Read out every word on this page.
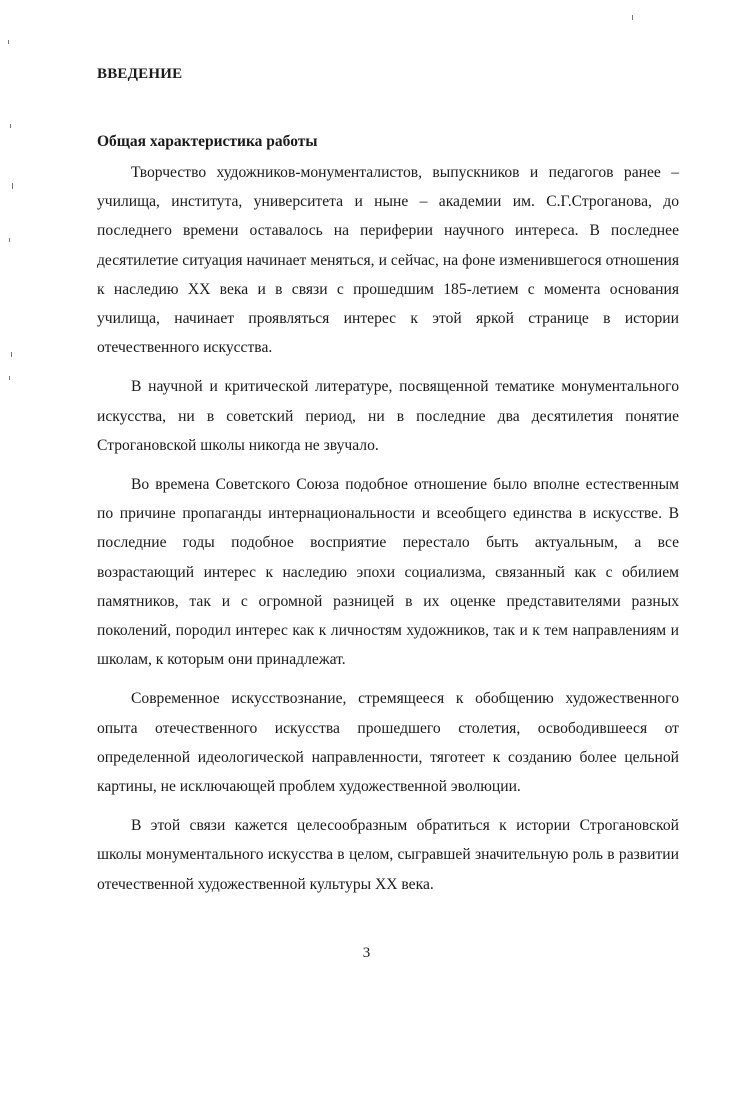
ВВЕДЕНИЕ
Общая характеристика работы

Творчество художников-монументалистов, выпускников и педагогов ранее – училища, института, университета и ныне – академии им. С.Г.Строганова, до последнего времени оставалось на периферии научного интереса. В последнее десятилетие ситуация начинает меняться, и сейчас, на фоне изменившегося отношения к наследию XX века и в связи с прошедшим 185-летием с момента основания училища, начинает проявляться интерес к этой яркой странице в истории отечественного искусства.

В научной и критической литературе, посвященной тематике монументального искусства, ни в советский период, ни в последние два десятилетия понятие Строгановской школы никогда не звучало.

Во времена Советского Союза подобное отношение было вполне естественным по причине пропаганды интернациональности и всеобщего единства в искусстве. В последние годы подобное восприятие перестало быть актуальным, а все возрастающий интерес к наследию эпохи социализма, связанный как с обилием памятников, так и с огромной разницей в их оценке представителями разных поколений, породил интерес как к личностям художников, так и к тем направлениям и школам, к которым они принадлежат.

Современное искусствознание, стремящееся к обобщению художественного опыта отечественного искусства прошедшего столетия, освободившееся от определенной идеологической направленности, тяготеет к созданию более цельной картины, не исключающей проблем художественной эволюции.

В этой связи кажется целесообразным обратиться к истории Строгановской школы монументального искусства в целом, сыгравшей значительную роль в развитии отечественной художественной культуры XX века.

3
